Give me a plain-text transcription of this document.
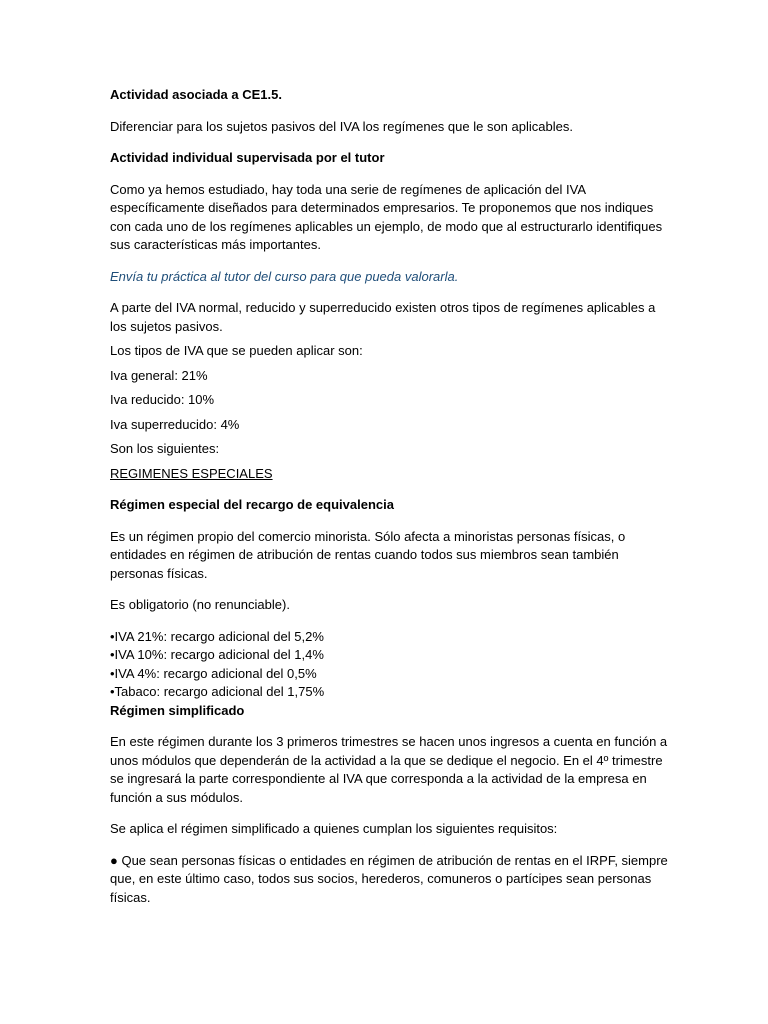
Actividad asociada a CE1.5.

Diferenciar para los sujetos pasivos del IVA los regímenes que le son aplicables.

Actividad individual supervisada por el tutor

Como ya hemos estudiado, hay toda una serie de regímenes de aplicación del IVA específicamente diseñados para determinados empresarios. Te proponemos que nos indiques con cada uno de los regímenes aplicables un ejemplo, de modo que al estructurarlo identifiques sus características más importantes.

Envía tu práctica al tutor del curso para que pueda valorarla.

A parte del IVA normal, reducido y superreducido existen otros tipos de regímenes aplicables a los sujetos pasivos.

Los tipos de IVA que se pueden aplicar son:

Iva general: 21%

Iva reducido: 10%

Iva superreducido: 4%

Son los siguientes:

REGIMENES ESPECIALES

Régimen especial del recargo de equivalencia

Es un régimen propio del comercio minorista. Sólo afecta a minoristas personas físicas, o entidades en régimen de atribución de rentas cuando todos sus miembros sean también personas físicas.

Es obligatorio (no renunciable).

•IVA 21%: recargo adicional del 5,2%

•IVA 10%: recargo adicional del 1,4%

•IVA 4%: recargo adicional del 0,5%

•Tabaco: recargo adicional del 1,75%

Régimen simplificado

En este régimen durante los 3 primeros trimestres se hacen unos ingresos a cuenta en función a unos módulos que dependerán de la actividad a la que se dedique el negocio. En el 4º trimestre se ingresará la parte correspondiente al IVA que corresponda a la actividad de la empresa en función a sus módulos.

Se aplica el régimen simplificado a quienes cumplan los siguientes requisitos:

● Que sean personas físicas o entidades en régimen de atribución de rentas en el IRPF, siempre que, en este último caso, todos sus socios, herederos, comuneros o partícipes sean personas físicas.
